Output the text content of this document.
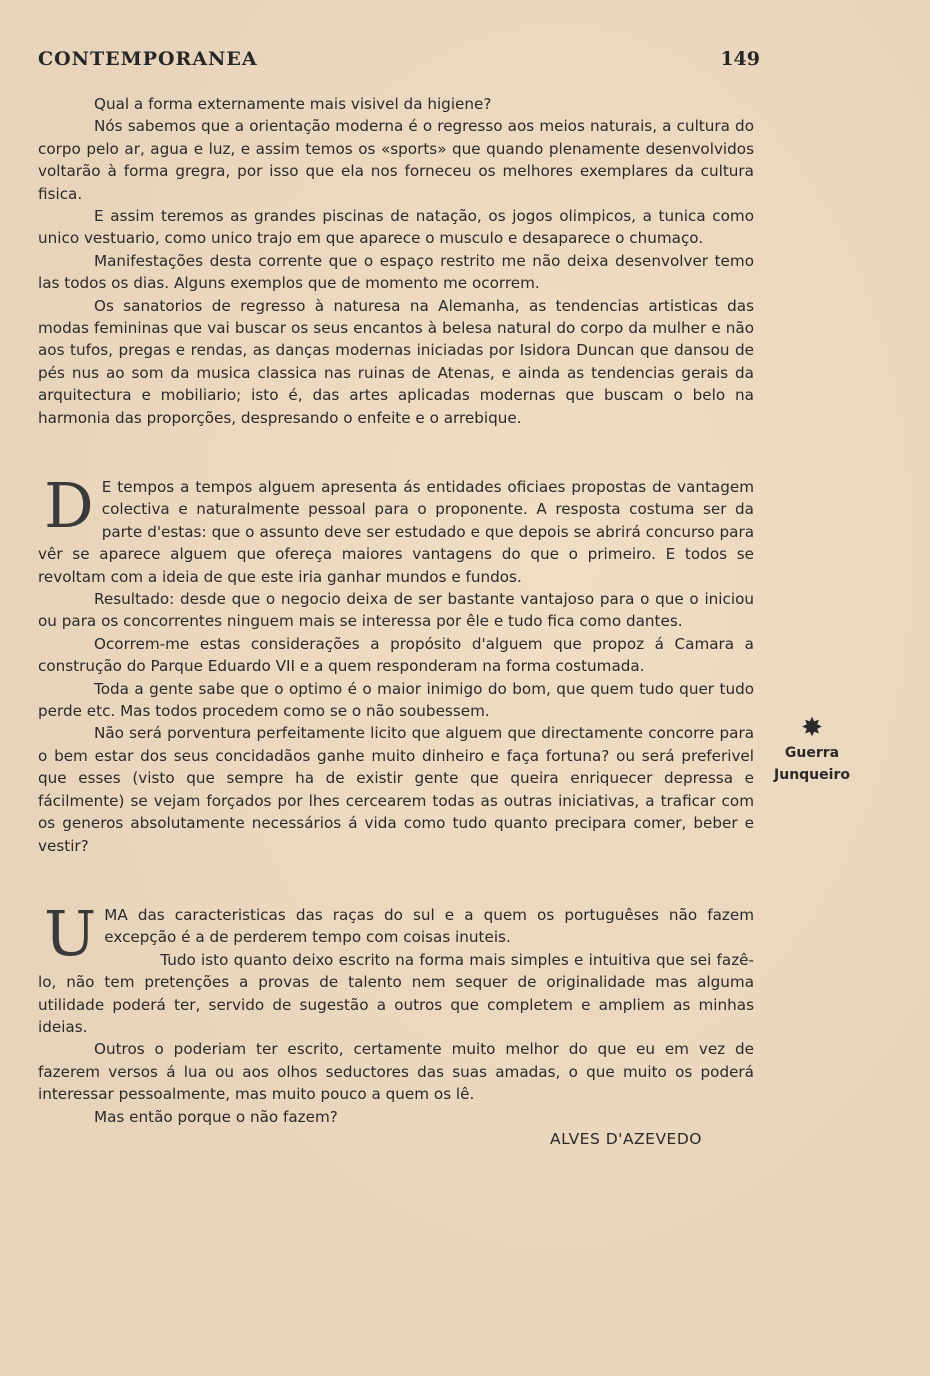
CONTEMPORANEA	149

Qual a forma externamente mais visivel da higiene?

Nós sabemos que a orientação moderna é o regresso aos meios naturais, a cultura do corpo pelo ar, agua e luz, e assim temos os «sports» que quando plenamente desenvolvidos voltarão à forma gregra, por isso que ela nos forneceu os melhores exemplares da cultura fisica.

E assim teremos as grandes piscinas de natação, os jogos olimpicos, a tunica como unico vestuario, como unico trajo em que aparece o musculo e desaparece o chumaço.

Manifestações desta corrente que o espaço restrito me não deixa desenvolver temo las todos os dias. Alguns exemplos que de momento me ocorrem.

Os sanatorios de regresso à naturesa na Alemanha, as tendencias artisticas das modas femininas que vai buscar os seus encantos à belesa natural do corpo da mulher e não aos tufos, pregas e rendas, as danças modernas iniciadas por Isidora Duncan que dansou de pés nus ao som da musica classica nas ruinas de Atenas, e ainda as tendencias gerais da arquitectura e mobiliario; isto é, das artes aplicadas modernas que buscam o belo na harmonia das proporções, despresando o enfeite e o arrebique.

D E tempos a tempos alguem apresenta ás entidades oficiaes propostas de vantagem colectiva e naturalmente pessoal para o proponente. A resposta costuma ser da parte d'estas: que o assunto deve ser estudado e que depois se abrirá concurso para vêr se aparece alguem que ofereça maiores vantagens do que o primeiro. E todos se revoltam com a ideia de que este iria ganhar mundos e fundos.

Resultado: desde que o negocio deixa de ser bastante vantajoso para o que o iniciou ou para os concorrentes ninguem mais se interessa por êle e tudo fica como dantes.

Ocorrem-me estas considerações a propósito d'alguem que propoz á Camara a construção do Parque Eduardo VII e a quem responderam na forma costumada.

Toda a gente sabe que o optimo é o maior inimigo do bom, que quem tudo quer tudo perde etc. Mas todos procedem como se o não soubessem.

Não será porventura perfeitamente licito que alguem que directamente concorre para o bem estar dos seus concidadãos ganhe muito dinheiro e faça fortuna? ou será preferivel que esses (visto que sempre ha de existir gente que queira enriquecer depressa e fácilmente) se vejam forçados por lhes cercearem todas as outras iniciativas, a traficar com os generos absolutamente necessários á vida como tudo quanto precipara comer, beber e vestir?

✸
Guerra
Junqueiro

U MA das caracteristicas das raças do sul e a quem os portuguêses não fazem excepção é a de perderem tempo com coisas inuteis.

Tudo isto quanto deixo escrito na forma mais simples e intuitiva que sei fazê-lo, não tem pretenções a provas de talento nem sequer de originalidade mas alguma utilidade poderá ter, servido de sugestão a outros que completem e ampliem as minhas ideias.

Outros o poderiam ter escrito, certamente muito melhor do que eu em vez de fazerem versos á lua ou aos olhos seductores das suas amadas, o que muito os poderá interessar pessoalmente, mas muito pouco a quem os lê.

Mas então porque o não fazem?

ALVES D'AZEVEDO
